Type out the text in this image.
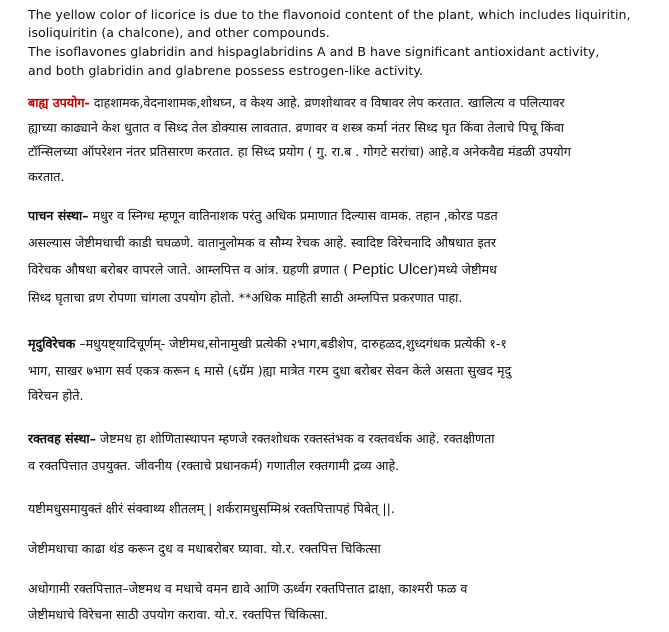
The yellow color of licorice is due to the flavonoid content of the plant, which includes liquiritin,
isoliquiritin (a chalcone), and other compounds.
The isoflavones glabridin and hispaglabridins A and B have significant antioxidant activity,
and both glabridin and glabrene possess estrogen-like activity.
बाह्य उपयोग- दाहशामक,वेदनाशामक,शोथघ्न, व केश्य आहे. व्रणशोथावर व विषावर लेप करतात. खालित्य व पलित्यावर
ह्याच्या काढ्याने केश धुतात व सिध्द तेल डोक्यास लावतात. व्रणावर व शस्त्र कर्मा नंतर सिध्द घृत किंवा तेलाचे पिचू किंवा
टॉन्सिलच्या ऑपरेशन नंतर प्रतिसारण करतात. हा सिध्द प्रयोग ( गु. रा.ब . गोगटे सरांचा) आहे.व अनेकवैद्य मंडळी उपयोग
करतात.
पाचन संस्था– मधुर व स्निग्ध म्हणून वातिनाशक परंतु अधिक प्रमाणात दिल्यास वामक. तहान ,कोरड पडत
असल्यास जेष्टीमधाची काडी चघळणे. वातानुलोमक व सौम्य रेचक आहे. स्वादिष्ट विरेचनादि औषधात इतर
विरेचक औषधा बरोबर वापरले जाते. आम्लपित्त व आंत्र. ग्रहणी व्रणात ( Peptic Ulcer)मध्ये जेष्टीमध
सिध्द घृताचा व्रण रोपणा चांगला उपयोग होतो. **अधिक माहिती साठी अम्लपित्त प्रकरणात पाहा.
मृदुविरेचक –मधुयष्ट्यादिचूर्णम्- जेष्टीमध,सोनामुखी प्रत्येकी २भाग,बडीशेप, दारुहळद,शुध्दगंधक प्रत्येकी १-१
भाग, साखर ७भाग सर्व एकत्र करून ६ मासे (६ग्रॅम )ह्या मात्रेत गरम दुधा बरोबर सेवन केले असता सुखद मृदु
विरेचन होते.
रक्तवह संस्था– जेष्टमध हा शोणितास्थापन म्हणजे रक्तशोधक रक्तस्तंभक व रक्तवर्धक आहे. रक्तक्षीणता
व रक्तपित्तात उपयुक्त. जीवनीय (रक्ताचे प्रधानकर्म) गणातील रक्तगामी द्रव्य आहे.
यष्टीमधुसमायुक्तं क्षीरं संक्वाथ्य शीतलम् | शर्करामधुसम्मिश्रं रक्तपित्तापहं पिबेत् ||.
जेष्टीमधाचा काढा थंड करून दुध व मधाबरोबर घ्यावा. यो.र. रक्तपित्त चिकित्सा
अधोगामी रक्तपित्तात–जेष्टमध व मधाचे वमन द्यावे आणि ऊर्ध्वग रक्तपित्तात द्राक्षा, काश्मरी फळ व
जेष्टीमधाचे विरेचना साठी उपयोग करावा. यो.र. रक्तपित्त चिकित्सा.
